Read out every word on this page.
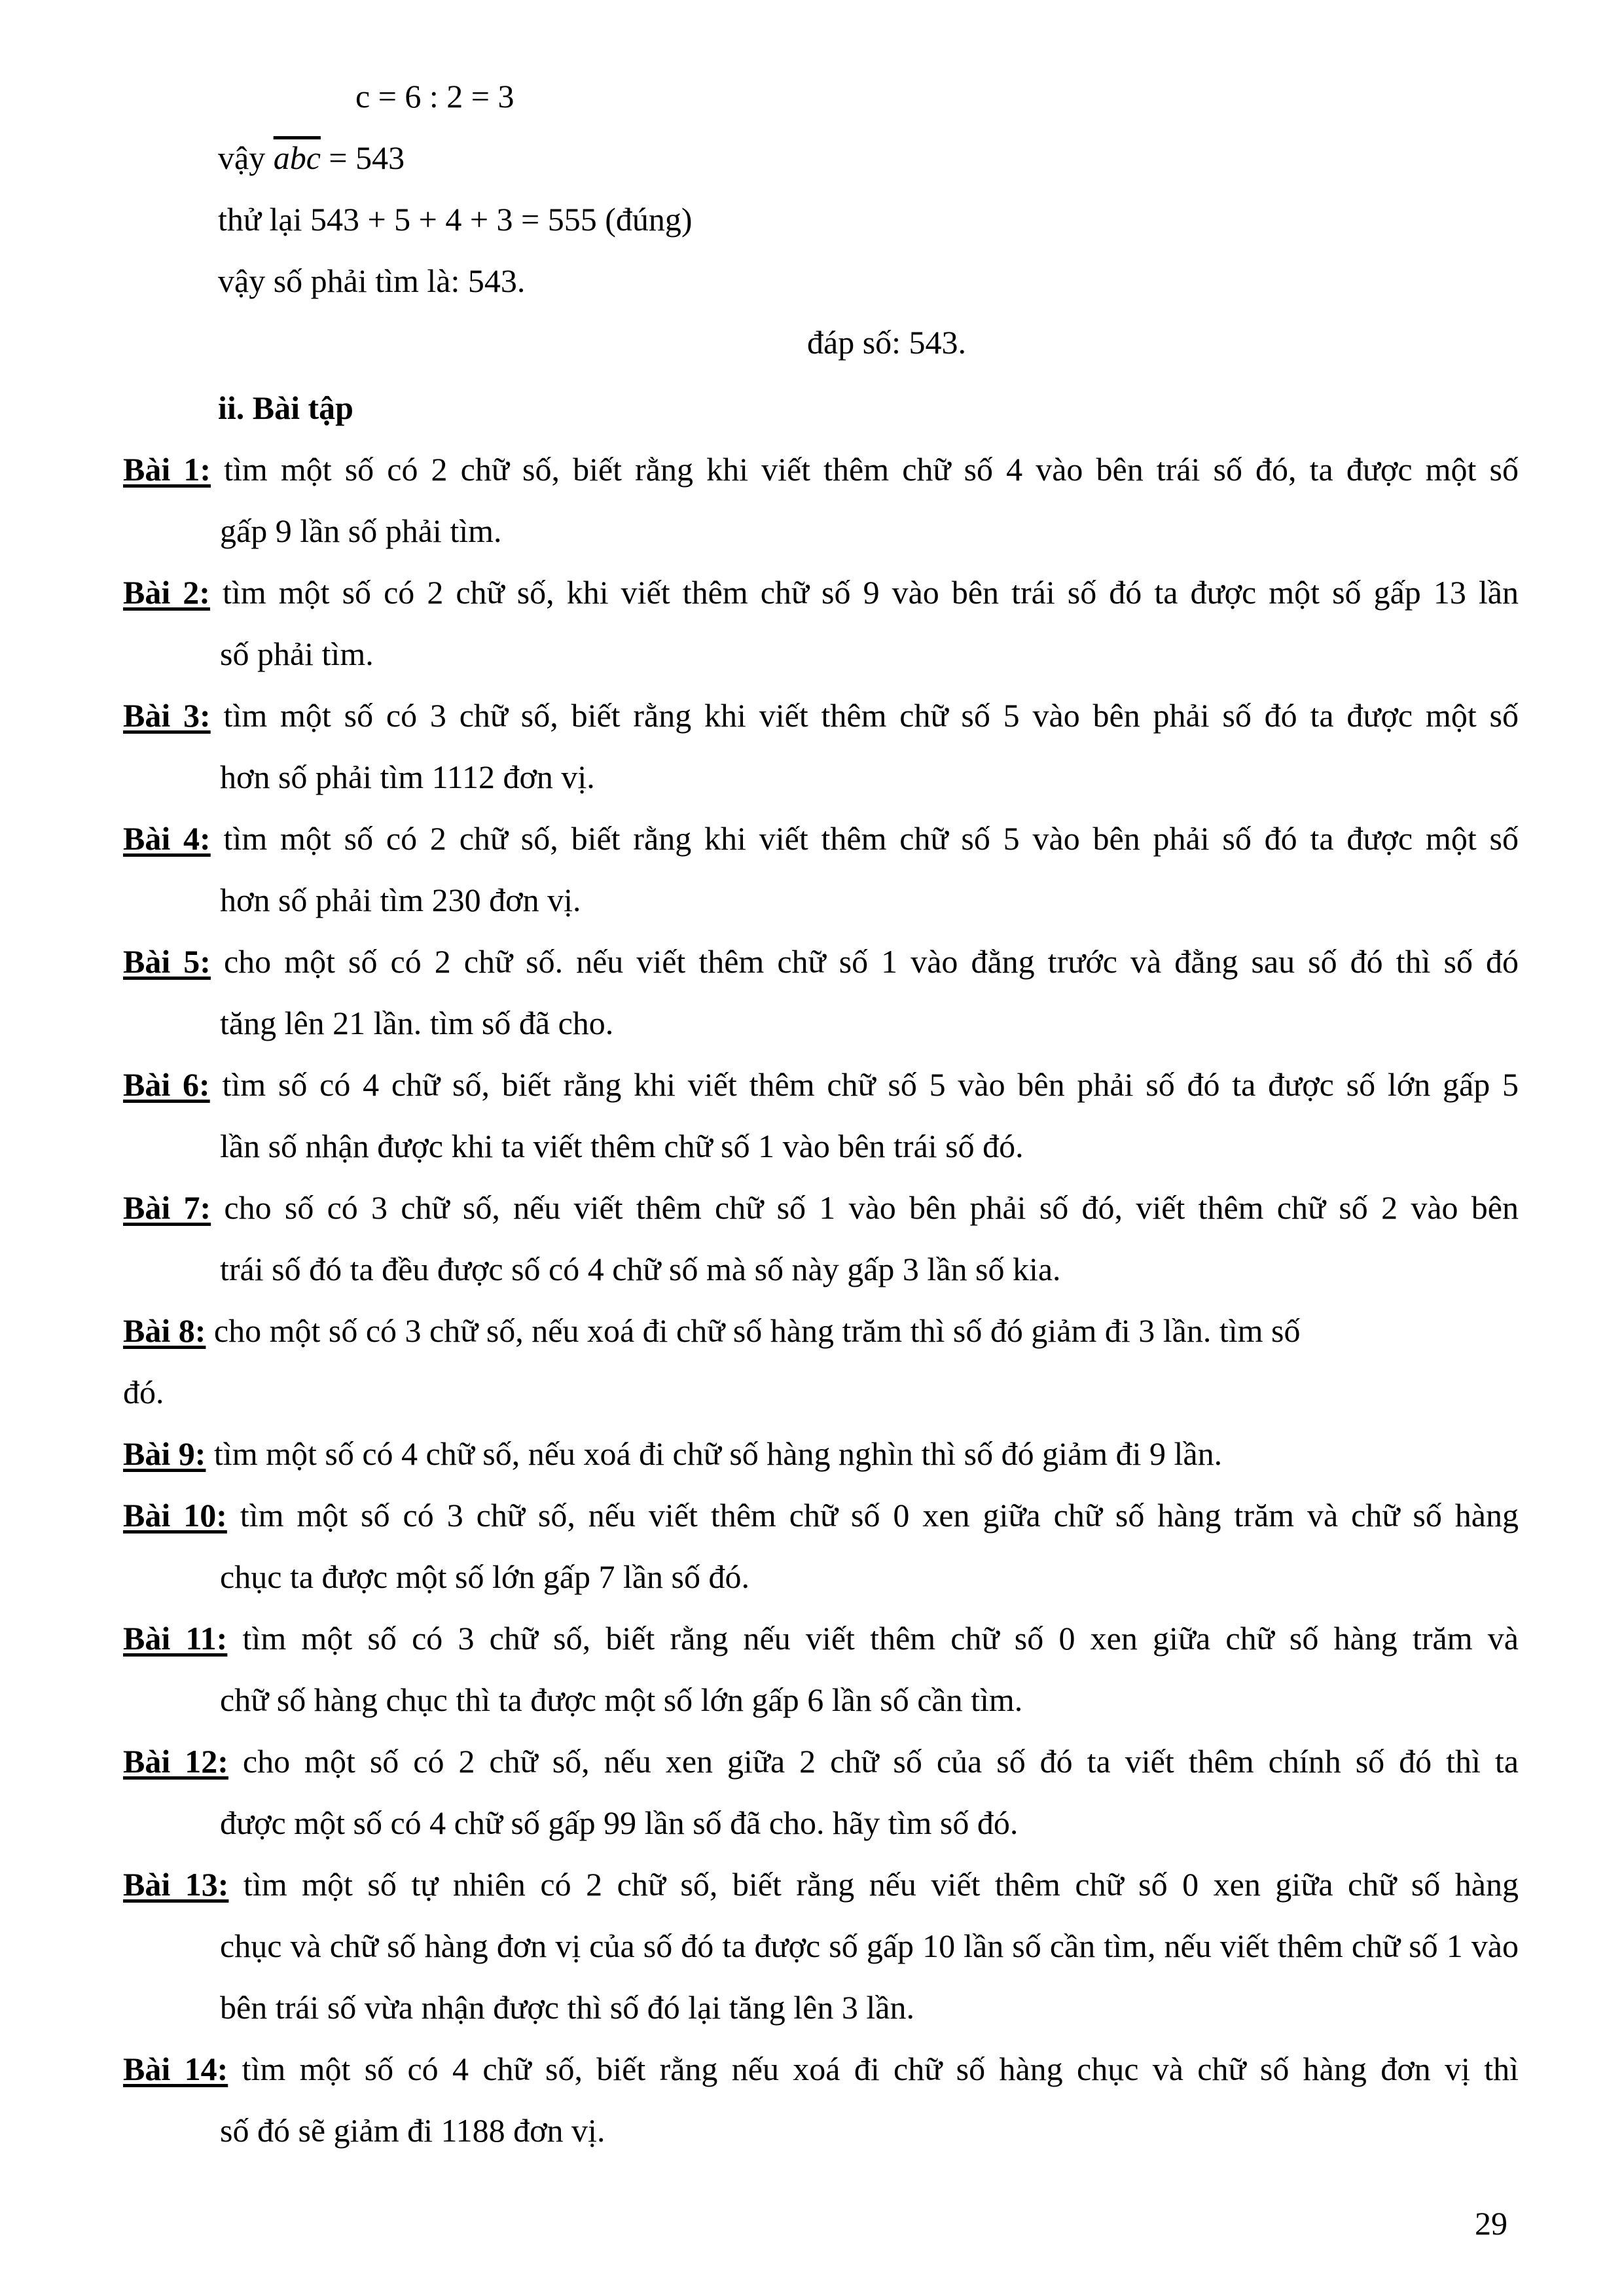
c = 6 : 2 = 3
vậy $\overline{abc} = 543$
thử lại 543 + 5 + 4 + 3 = 555 (đúng)
vậy số phải tìm là: 543.
đáp số: 543.
ii. Bài tập
Bài 1: tìm một số có 2 chữ số, biết rằng khi viết thêm chữ số 4 vào bên trái số đó, ta được một số
gấp 9 lần số phải tìm.
Bài 2: tìm một số có 2 chữ số, khi viết thêm chữ số 9 vào bên trái số đó ta được một số gấp 13 lần
số phải tìm.
Bài 3: tìm một số có 3 chữ số, biết rằng khi viết thêm chữ số 5 vào bên phải số đó ta được một số
hơn số phải tìm 1112 đơn vị.
Bài 4: tìm một số có 2 chữ số, biết rằng khi viết thêm chữ số 5 vào bên phải số đó ta được một số
hơn số phải tìm 230 đơn vị.
Bài 5: cho một số có 2 chữ số. nếu viết thêm chữ số 1 vào đằng trước và đằng sau số đó thì số đó
tăng lên 21 lần. tìm số đã cho.
Bài 6: tìm số có 4 chữ số, biết rằng khi viết thêm chữ số 5 vào bên phải số đó ta được số lớn gấp 5
lần số nhận được khi ta viết thêm chữ số 1 vào bên trái số đó.
Bài 7: cho số có 3 chữ số, nếu viết thêm chữ số 1 vào bên phải số đó, viết thêm chữ số 2 vào bên
trái số đó ta đều được số có 4 chữ số mà số này gấp 3 lần số kia.
Bài 8: cho một số có 3 chữ số, nếu xoá đi chữ số hàng trăm thì số đó giảm đi 3 lần. tìm số
đó.
Bài 9: tìm một số có 4 chữ số, nếu xoá đi chữ số hàng nghìn thì số đó giảm đi 9 lần.
Bài 10: tìm một số có 3 chữ số, nếu viết thêm chữ số 0 xen giữa chữ số hàng trăm và chữ số hàng
chục ta được một số lớn gấp 7 lần số đó.
Bài 11: tìm một số có 3 chữ số, biết rằng nếu viết thêm chữ số 0 xen giữa chữ số hàng trăm và
chữ số hàng chục thì ta được một số lớn gấp 6 lần số cần tìm.
Bài 12: cho một số có 2 chữ số, nếu xen giữa 2 chữ số của số đó ta viết thêm chính số đó thì ta
được một số có 4 chữ số gấp 99 lần số đã cho. hãy tìm số đó.
Bài 13: tìm một số tự nhiên có 2 chữ số, biết rằng nếu viết thêm chữ số 0 xen giữa chữ số hàng
chục và chữ số hàng đơn vị của số đó ta được số gấp 10 lần số cần tìm, nếu viết thêm chữ số 1 vào bên trái số vừa nhận được thì số đó lại tăng lên 3 lần.
Bài 14: tìm một số có 4 chữ số, biết rằng nếu xoá đi chữ số hàng chục và chữ số hàng đơn vị thì
số đó sẽ giảm đi 1188 đơn vị.
29
